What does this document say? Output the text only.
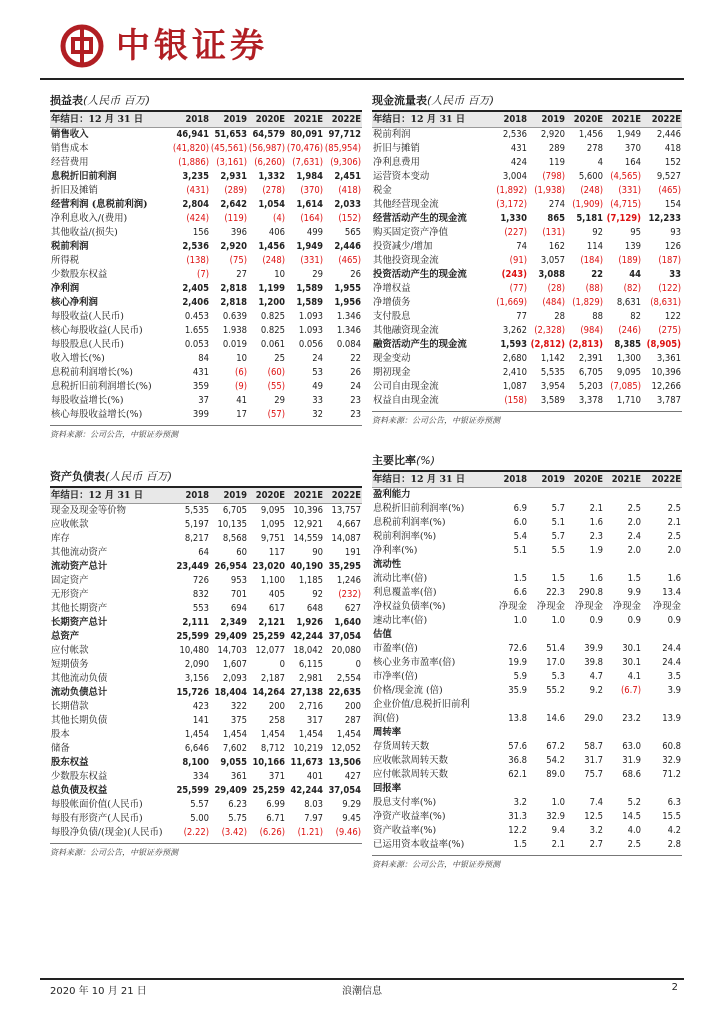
中银证券
损益表(人民币 百万)
年结日：12 月 31 日	2018	2019	2020E	2021E	2022E
销售收入	46,941	51,653	64,579	80,091	97,712
销售成本	(41,820)	(45,561)	(56,987)	(70,476)	(85,954)
经营费用	(1,886)	(3,161)	(6,260)	(7,631)	(9,306)
息税折旧前利润	3,235	2,931	1,332	1,984	2,451
折旧及摊销	(431)	(289)	(278)	(370)	(418)
经营利润 (息税前利润)	2,804	2,642	1,054	1,614	2,033
净利息收入/(费用)	(424)	(119)	(4)	(164)	(152)
其他收益/(损失)	156	396	406	499	565
税前利润	2,536	2,920	1,456	1,949	2,446
所得税	(138)	(75)	(248)	(331)	(465)
少数股东权益	(7)	27	10	29	26
净利润	2,405	2,818	1,199	1,589	1,955
核心净利润	2,406	2,818	1,200	1,589	1,956
每股收益(人民币)	0.453	0.639	0.825	1.093	1.346
核心每股收益(人民币)	1.655	1.938	0.825	1.093	1.346
每股股息(人民币)	0.053	0.019	0.061	0.056	0.084
收入增长(%)	84	10	25	24	22
息税前利润增长(%)	431	(6)	(60)	53	26
息税折旧前利润增长(%)	359	(9)	(55)	49	24
每股收益增长(%)	37	41	29	33	23
核心每股收益增长(%)	399	17	(57)	32	23
资料来源：公司公告，中银证券预测
现金流量表(人民币 百万)
年结日：12 月 31 日	2018	2019	2020E	2021E	2022E
税前利润	2,536	2,920	1,456	1,949	2,446
折旧与摊销	431	289	278	370	418
净利息费用	424	119	4	164	152
运营资本变动	3,004	(798)	5,600	(4,565)	9,527
税金	(1,892)	(1,938)	(248)	(331)	(465)
其他经营现金流	(3,172)	274	(1,909)	(4,715)	154
经营活动产生的现金流	1,330	865	5,181	(7,129)	12,233
购买固定资产净值	(227)	(131)	92	95	93
投资减少/增加	74	162	114	139	126
其他投资现金流	(91)	3,057	(184)	(189)	(187)
投资活动产生的现金流	(243)	3,088	22	44	33
净增权益	(77)	(28)	(88)	(82)	(122)
净增债务	(1,669)	(484)	(1,829)	8,631	(8,631)
支付股息	77	28	88	82	122
其他融资现金流	3,262	(2,328)	(984)	(246)	(275)
融资活动产生的现金流	1,593	(2,812)	(2,813)	8,385	(8,905)
现金变动	2,680	1,142	2,391	1,300	3,361
期初现金	2,410	5,535	6,705	9,095	10,396
公司自由现金流	1,087	3,954	5,203	(7,085)	12,266
权益自由现金流	(158)	3,589	3,378	1,710	3,787
资料来源：公司公告，中银证券预测
资产负债表(人民币 百万)
年结日：12 月 31 日	2018	2019	2020E	2021E	2022E
现金及现金等价物	5,535	6,705	9,095	10,396	13,757
应收帐款	5,197	10,135	1,095	12,921	4,667
库存	8,217	8,568	9,751	14,559	14,087
其他流动资产	64	60	117	90	191
流动资产总计	23,449	26,954	23,020	40,190	35,295
固定资产	726	953	1,100	1,185	1,246
无形资产	832	701	405	92	(232)
其他长期资产	553	694	617	648	627
长期资产总计	2,111	2,349	2,121	1,926	1,640
总资产	25,599	29,409	25,259	42,244	37,054
应付帐款	10,480	14,703	12,077	18,042	20,080
短期债务	2,090	1,607	0	6,115	0
其他流动负债	3,156	2,093	2,187	2,981	2,554
流动负债总计	15,726	18,404	14,264	27,138	22,635
长期借款	423	322	200	2,716	200
其他长期负债	141	375	258	317	287
股本	1,454	1,454	1,454	1,454	1,454
储备	6,646	7,602	8,712	10,219	12,052
股东权益	8,100	9,055	10,166	11,673	13,506
少数股东权益	334	361	371	401	427
总负债及权益	25,599	29,409	25,259	42,244	37,054
每股帐面价值(人民币)	5.57	6.23	6.99	8.03	9.29
每股有形资产(人民币)	5.00	5.75	6.71	7.97	9.45
每股净负债/(现金)(人民币)	(2.22)	(3.42)	(6.26)	(1.21)	(9.46)
资料来源：公司公告，中银证券预测
主要比率(%)
年结日：12 月 31 日	2018	2019	2020E	2021E	2022E
盈利能力					
息税折旧前利润率(%)	6.9	5.7	2.1	2.5	2.5
息税前利润率(%)	6.0	5.1	1.6	2.0	2.1
税前利润率(%)	5.4	5.7	2.3	2.4	2.5
净利率(%)	5.1	5.5	1.9	2.0	2.0
流动性					
流动比率(倍)	1.5	1.5	1.6	1.5	1.6
利息覆盖率(倍)	6.6	22.3	290.8	9.9	13.4
净权益负债率(%)	净现金	净现金	净现金	净现金	净现金
速动比率(倍)	1.0	1.0	0.9	0.9	0.9
估值					
市盈率(倍)	72.6	51.4	39.9	30.1	24.4
核心业务市盈率(倍)	19.9	17.0	39.8	30.1	24.4
市净率(倍)	5.9	5.3	4.7	4.1	3.5
价格/现金流 (倍)	35.9	55.2	9.2	(6.7)	3.9
企业价值/息税折旧前利					
润(倍)	13.8	14.6	29.0	23.2	13.9
周转率					
存货周转天数	57.6	67.2	58.7	63.0	60.8
应收帐款周转天数	36.8	54.2	31.7	31.9	32.9
应付帐款周转天数	62.1	89.0	75.7	68.6	71.2
回报率					
股息支付率(%)	3.2	1.0	7.4	5.2	6.3
净资产收益率(%)	31.3	32.9	12.5	14.5	15.5
资产收益率(%)	12.2	9.4	3.2	4.0	4.2
已运用资本收益率(%)	1.5	2.1	2.7	2.5	2.8
资料来源：公司公告，中银证券预测
2020 年 10 月 21 日	浪潮信息	2
